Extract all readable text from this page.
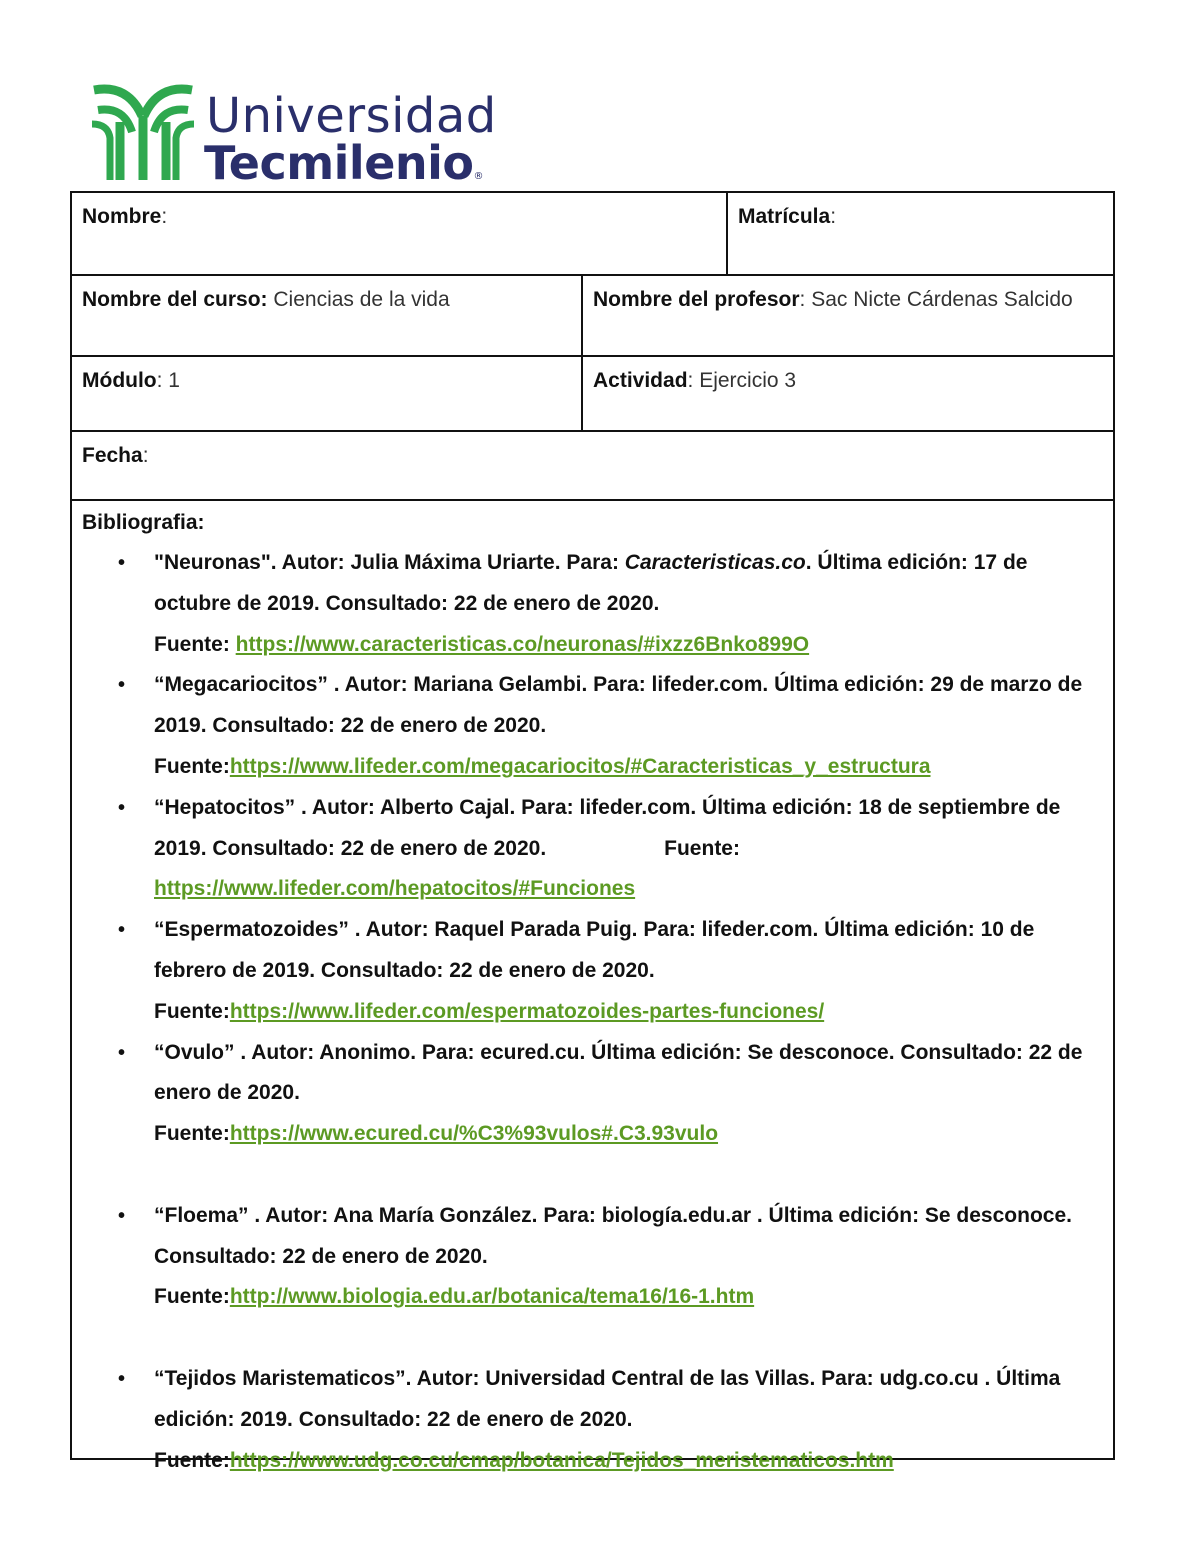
Universidad
Tecmilenio®
Nombre:	Matrícula:
Nombre del curso: Ciencias de la vida	Nombre del profesor: Sac Nicte Cárdenas Salcido
Módulo: 1	Actividad: Ejercicio 3
Fecha:
Bibliografia:
• "Neuronas". Autor: Julia Máxima Uriarte. Para: Caracteristicas.co. Última edición: 17 de octubre de 2019. Consultado: 22 de enero de 2020.
Fuente: https://www.caracteristicas.co/neuronas/#ixzz6Bnko899O
• “Megacariocitos” . Autor: Mariana Gelambi. Para: lifeder.com. Última edición: 29 de marzo de 2019. Consultado: 22 de enero de 2020.
Fuente:https://www.lifeder.com/megacariocitos/#Caracteristicas_y_estructura
• “Hepatocitos” . Autor: Alberto Cajal. Para: lifeder.com. Última edición: 18 de septiembre de 2019. Consultado: 22 de enero de 2020.	Fuente:
https://www.lifeder.com/hepatocitos/#Funciones
• “Espermatozoides” . Autor: Raquel Parada Puig. Para: lifeder.com. Última edición: 10 de febrero de 2019. Consultado: 22 de enero de 2020.
Fuente:https://www.lifeder.com/espermatozoides-partes-funciones/
• “Ovulo” . Autor: Anonimo. Para: ecured.cu. Última edición: Se desconoce. Consultado: 22 de enero de 2020.
Fuente:https://www.ecured.cu/%C3%93vulos#.C3.93vulo
• “Floema” . Autor: Ana María González. Para: biología.edu.ar . Última edición: Se desconoce. Consultado: 22 de enero de 2020.
Fuente:http://www.biologia.edu.ar/botanica/tema16/16-1.htm
• “Tejidos Maristematicos”. Autor: Universidad Central de las Villas. Para: udg.co.cu . Última edición: 2019. Consultado: 22 de enero de 2020.
Fuente:https://www.udg.co.cu/cmap/botanica/Tejidos_meristematicos.htm
